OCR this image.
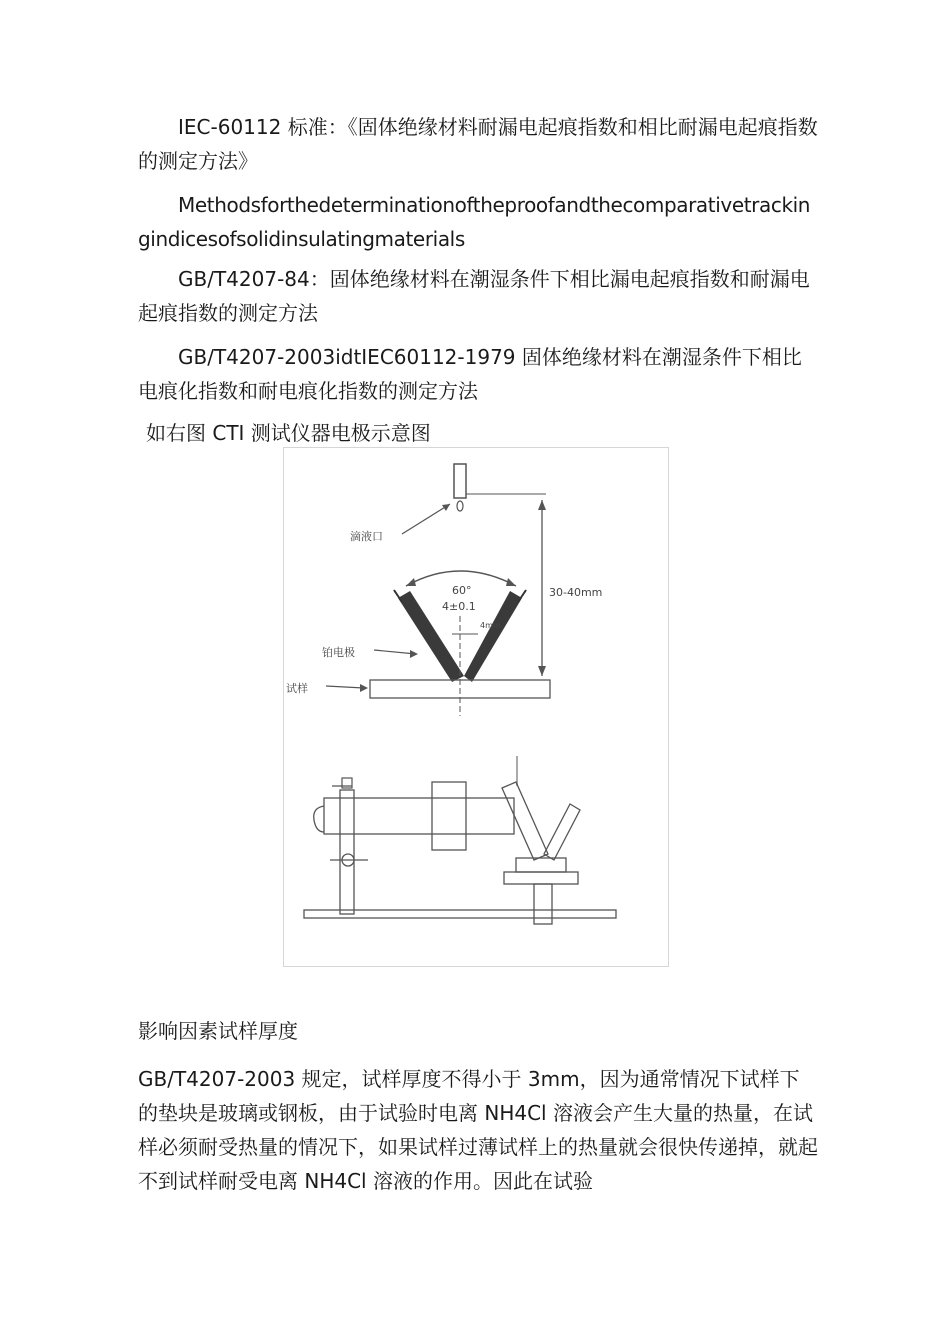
IEC-60112 标准：《固体绝缘材料耐漏电起痕指数和相比耐漏电起痕指数的测定方法》

Methodsforthedeterminationoftheproofandthecomparativetrackingindicesofsolidinsulatingmaterials

GB/T4207-84：固体绝缘材料在潮湿条件下相比漏电起痕指数和耐漏电起痕指数的测定方法

GB/T4207-2003idtIEC60112-1979 固体绝缘材料在潮湿条件下相比电痕化指数和耐电痕化指数的测定方法

如右图 CTI 测试仪器电极示意图

30-40mm
滴液口
60°
4±0.1
4mm
铂电极
试样

影响因素试样厚度

GB/T4207-2003 规定，试样厚度不得小于 3mm，因为通常情况下试样下的垫块是玻璃或钢板，由于试验时电离 NH4Cl 溶液会产生大量的热量，在试样必须耐受热量的情况下，如果试样过薄试样上的热量就会很快传递掉，就起不到试样耐受电离 NH4Cl 溶液的作用。因此在试验
